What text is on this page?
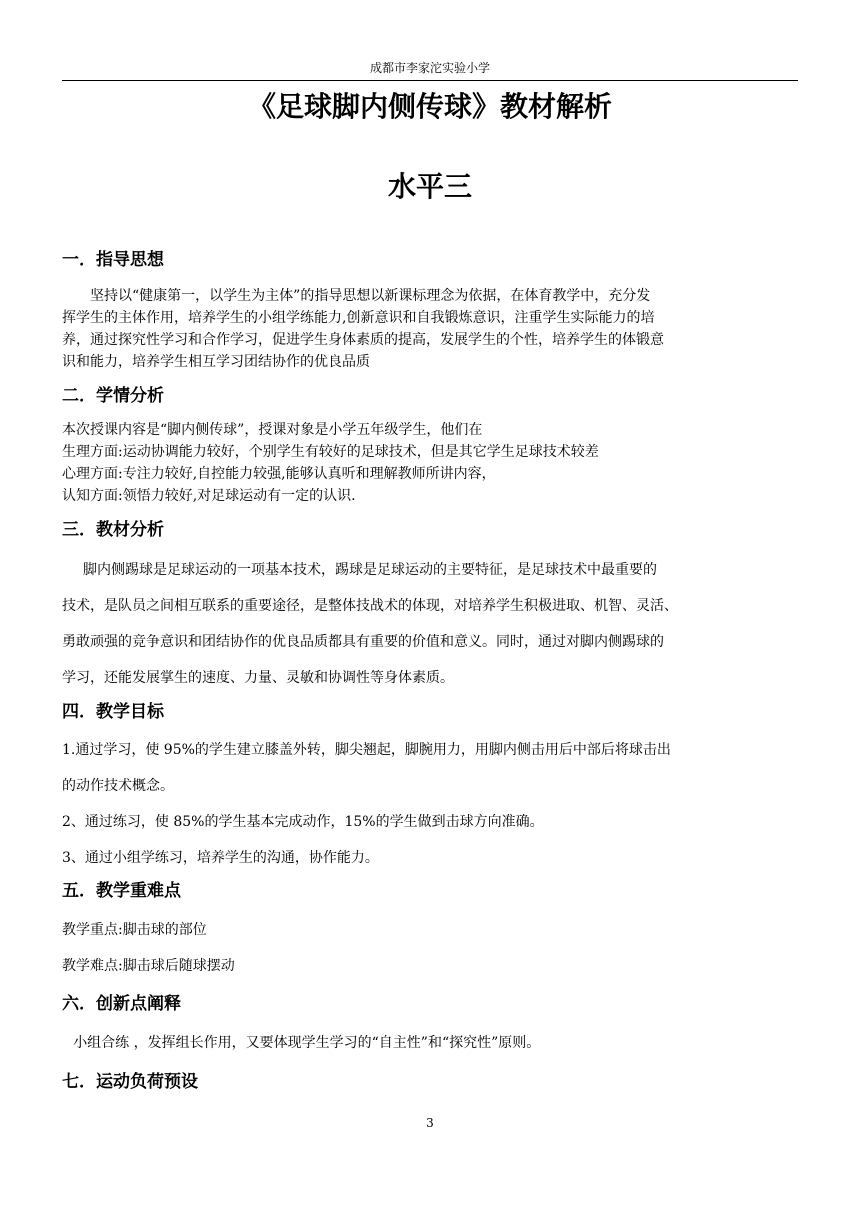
成都市李家沱实验小学
《足球脚内侧传球》教材解析
水平三
一．指导思想
坚持以“健康第一，以学生为主体”的指导思想以新课标理念为依据，在体育教学中，充分发
挥学生的主体作用，培养学生的小组学练能力,创新意识和自我锻炼意识，注重学生实际能力的培
养，通过探究性学习和合作学习，促进学生身体素质的提高，发展学生的个性，培养学生的体锻意
识和能力，培养学生相互学习团结协作的优良品质
二．学情分析
本次授课内容是“脚内侧传球”，授课对象是小学五年级学生，他们在
生理方面:运动协调能力较好，个别学生有较好的足球技术，但是其它学生足球技术较差
心理方面:专注力较好,自控能力较强,能够认真听和理解教师所讲内容，
认知方面:领悟力较好,对足球运动有一定的认识.
三．教材分析
脚内侧踢球是足球运动的一项基本技术，踢球是足球运动的主要特征，是足球技术中最重要的
技术，是队员之间相互联系的重要途径，是整体技战术的体现，对培养学生积极进取、机智、灵活、
勇敢顽强的竞争意识和团结协作的优良品质都具有重要的价值和意义。同时，通过对脚内侧踢球的
学习，还能发展掌生的速度、力量、灵敏和协调性等身体素质。
四．教学目标
1.通过学习，使 95%的学生建立膝盖外转，脚尖翘起，脚腕用力，用脚内侧击用后中部后将球击出
的动作技术概念。
2、通过练习，使 85%的学生基本完成动作，15%的学生做到击球方向准确。
3、通过小组学练习，培养学生的沟通，协作能力。
五．教学重难点
教学重点:脚击球的部位
教学难点:脚击球后随球摆动
六．创新点阐释
小组合练 ，发挥组长作用，又要体现学生学习的“自主性”和“探究性”原则。
七．运动负荷预设
3
